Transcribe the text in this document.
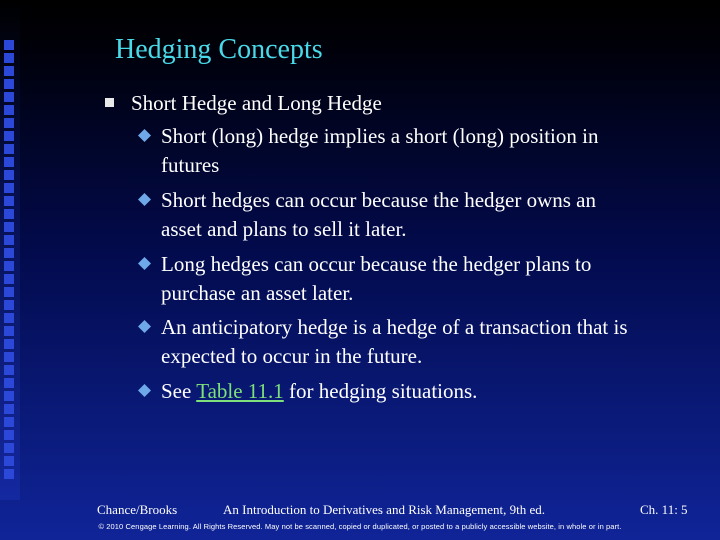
Hedging Concepts
Short Hedge and Long Hedge
Short (long) hedge implies a short (long) position in
futures
Short hedges can occur because the hedger owns an
asset and plans to sell it later.
Long hedges can occur because the hedger plans to
purchase an asset later.
An anticipatory hedge is a hedge of a transaction that is
expected to occur in the future.
See Table 11.1 for hedging situations.
Chance/Brooks	An Introduction to Derivatives and Risk Management, 9th ed.	Ch. 11: 5
© 2010 Cengage Learning. All Rights Reserved. May not be scanned, copied or duplicated, or posted to a publicly accessible website, in whole or in part.
